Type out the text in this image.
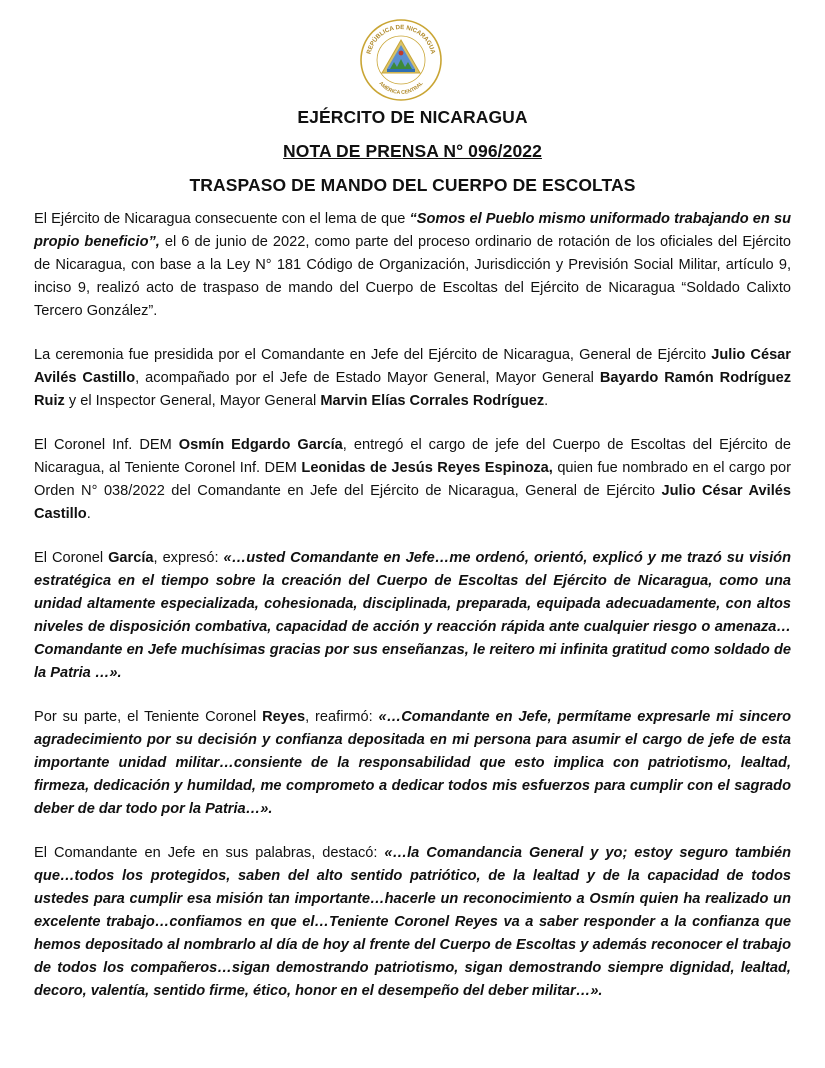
REPÚBLICA DE NICARAGUA
AMÉRICA CENTRAL
EJÉRCITO DE NICARAGUA
NOTA DE PRENSA N° 096/2022
TRASPASO DE MANDO DEL CUERPO DE ESCOLTAS

El Ejército de Nicaragua consecuente con el lema de que “Somos el Pueblo mismo uniformado trabajando en su propio beneficio”, el 6 de junio de 2022, como parte del proceso ordinario de rotación de los oficiales del Ejército de Nicaragua, con base a la Ley N° 181 Código de Organización, Jurisdicción y Previsión Social Militar, artículo 9, inciso 9, realizó acto de traspaso de mando del Cuerpo de Escoltas del Ejército de Nicaragua “Soldado Calixto Tercero González”.

La ceremonia fue presidida por el Comandante en Jefe del Ejército de Nicaragua, General de Ejército Julio César Avilés Castillo, acompañado por el Jefe de Estado Mayor General, Mayor General Bayardo Ramón Rodríguez Ruiz y el Inspector General, Mayor General Marvin Elías Corrales Rodríguez.

El Coronel Inf. DEM Osmín Edgardo García, entregó el cargo de jefe del Cuerpo de Escoltas del Ejército de Nicaragua, al Teniente Coronel Inf. DEM Leonidas de Jesús Reyes Espinoza, quien fue nombrado en el cargo por Orden N° 038/2022 del Comandante en Jefe del Ejército de Nicaragua, General de Ejército Julio César Avilés Castillo.

El Coronel García, expresó: «…usted Comandante en Jefe…me ordenó, orientó, explicó y me trazó su visión estratégica en el tiempo sobre la creación del Cuerpo de Escoltas del Ejército de Nicaragua, como una unidad altamente especializada, cohesionada, disciplinada, preparada, equipada adecuadamente, con altos niveles de disposición combativa, capacidad de acción y reacción rápida ante cualquier riesgo o amenaza…Comandante en Jefe muchísimas gracias por sus enseñanzas, le reitero mi infinita gratitud como soldado de la Patria …».

Por su parte, el Teniente Coronel Reyes, reafirmó: «…Comandante en Jefe, permítame expresarle mi sincero agradecimiento por su decisión y confianza depositada en mi persona para asumir el cargo de jefe de esta importante unidad militar…consiente de la responsabilidad que esto implica con patriotismo, lealtad, firmeza, dedicación y humildad, me comprometo a dedicar todos mis esfuerzos para cumplir con el sagrado deber de dar todo por la Patria…».

El Comandante en Jefe en sus palabras, destacó: «…la Comandancia General y yo; estoy seguro también que…todos los protegidos, saben del alto sentido patriótico, de la lealtad y de la capacidad de todos ustedes para cumplir esa misión tan importante…hacerle un reconocimiento a Osmín quien ha realizado un excelente trabajo…confiamos en que el…Teniente Coronel Reyes va a saber responder a la confianza que hemos depositado al nombrarlo al día de hoy al frente del Cuerpo de Escoltas y además reconocer el trabajo de todos los compañeros…sigan demostrando patriotismo, sigan demostrando siempre dignidad, lealtad, decoro, valentía, sentido firme, ético, honor en el desempeño del deber militar…».
